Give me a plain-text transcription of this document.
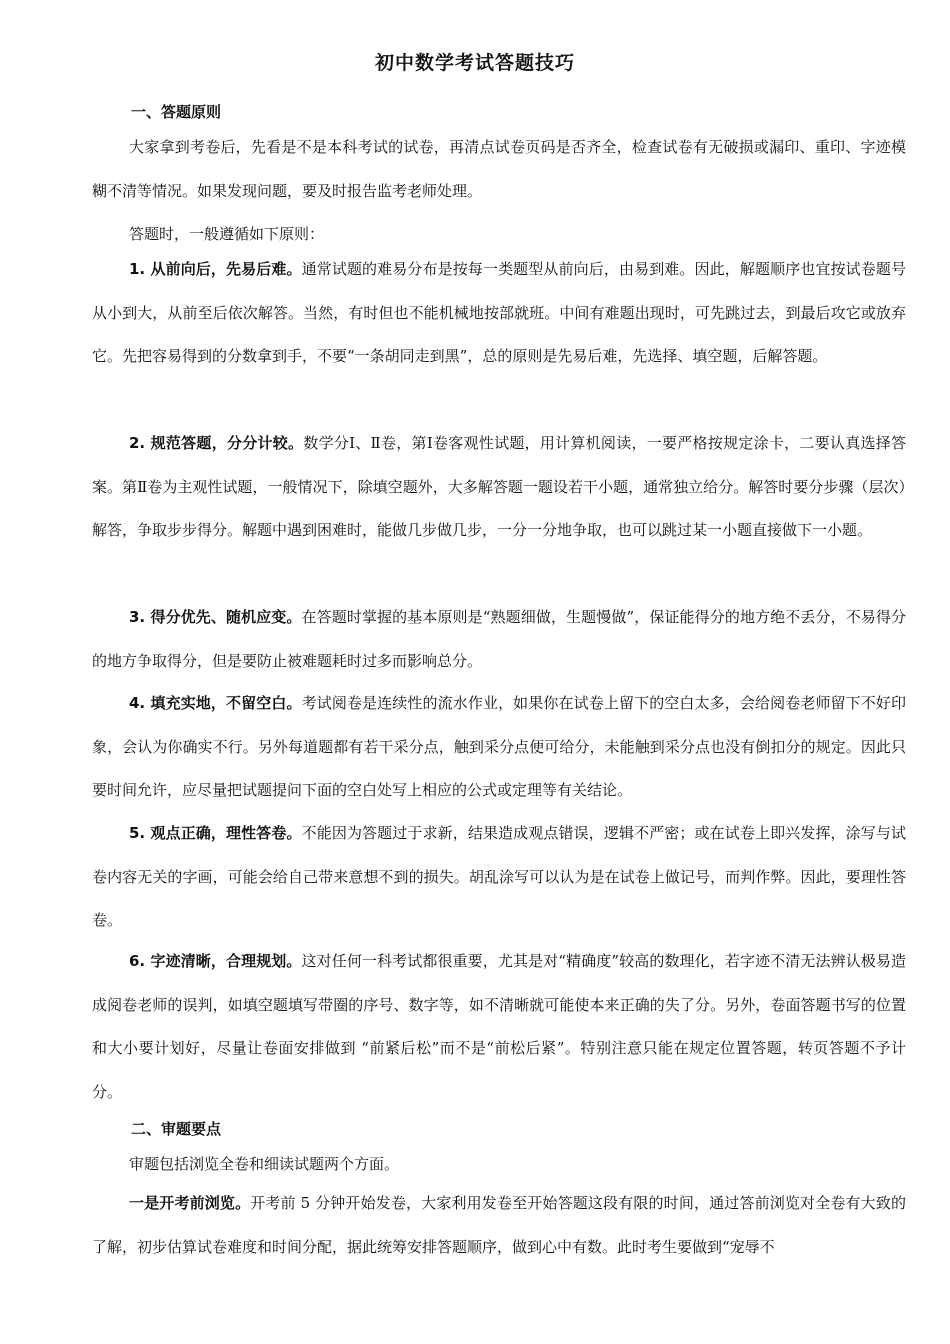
初中数学考试答题技巧
一、答题原则

大家拿到考卷后，先看是不是本科考试的试卷，再清点试卷页码是否齐全，检查试卷有无破损或漏印、重印、字迹模糊不清等情况。如果发现问题，要及时报告监考老师处理。

答题时，一般遵循如下原则：

1. 从前向后，先易后难。通常试题的难易分布是按每一类题型从前向后，由易到难。因此，解题顺序也宜按试卷题号从小到大，从前至后依次解答。当然，有时但也不能机械地按部就班。中间有难题出现时，可先跳过去，到最后攻它或放弃它。先把容易得到的分数拿到手，不要“一条胡同走到黑”，总的原则是先易后难，先选择、填空题，后解答题。

2. 规范答题，分分计较。数学分Ⅰ、Ⅱ卷，第Ⅰ卷客观性试题，用计算机阅读，一要严格按规定涂卡，二要认真选择答案。第Ⅱ卷为主观性试题，一般情况下，除填空题外，大多解答题一题设若干小题，通常独立给分。解答时要分步骤（层次）解答，争取步步得分。解题中遇到困难时，能做几步做几步，一分一分地争取，也可以跳过某一小题直接做下一小题。

3. 得分优先、随机应变。在答题时掌握的基本原则是“熟题细做，生题慢做”，保证能得分的地方绝不丢分，不易得分的地方争取得分，但是要防止被难题耗时过多而影响总分。

4. 填充实地，不留空白。考试阅卷是连续性的流水作业，如果你在试卷上留下的空白太多，会给阅卷老师留下不好印象，会认为你确实不行。另外每道题都有若干采分点，触到采分点便可给分，未能触到采分点也没有倒扣分的规定。因此只要时间允许，应尽量把试题提问下面的空白处写上相应的公式或定理等有关结论。

5. 观点正确，理性答卷。不能因为答题过于求新，结果造成观点错误，逻辑不严密；或在试卷上即兴发挥，涂写与试卷内容无关的字画，可能会给自己带来意想不到的损失。胡乱涂写可以认为是在试卷上做记号，而判作弊。因此，要理性答卷。

6. 字迹清晰，合理规划。这对任何一科考试都很重要，尤其是对“精确度”较高的数理化，若字迹不清无法辨认极易造成阅卷老师的误判，如填空题填写带圈的序号、数字等，如不清晰就可能使本来正确的失了分。另外，卷面答题书写的位置和大小要计划好，尽量让卷面安排做到 “前紧后松”而不是“前松后紧”。特别注意只能在规定位置答题，转页答题不予计分。

二、审题要点

审题包括浏览全卷和细读试题两个方面。

一是开考前浏览。开考前 5 分钟开始发卷，大家利用发卷至开始答题这段有限的时间，通过答前浏览对全卷有大致的了解，初步估算试卷难度和时间分配，据此统筹安排答题顺序，做到心中有数。此时考生要做到“宠辱不
